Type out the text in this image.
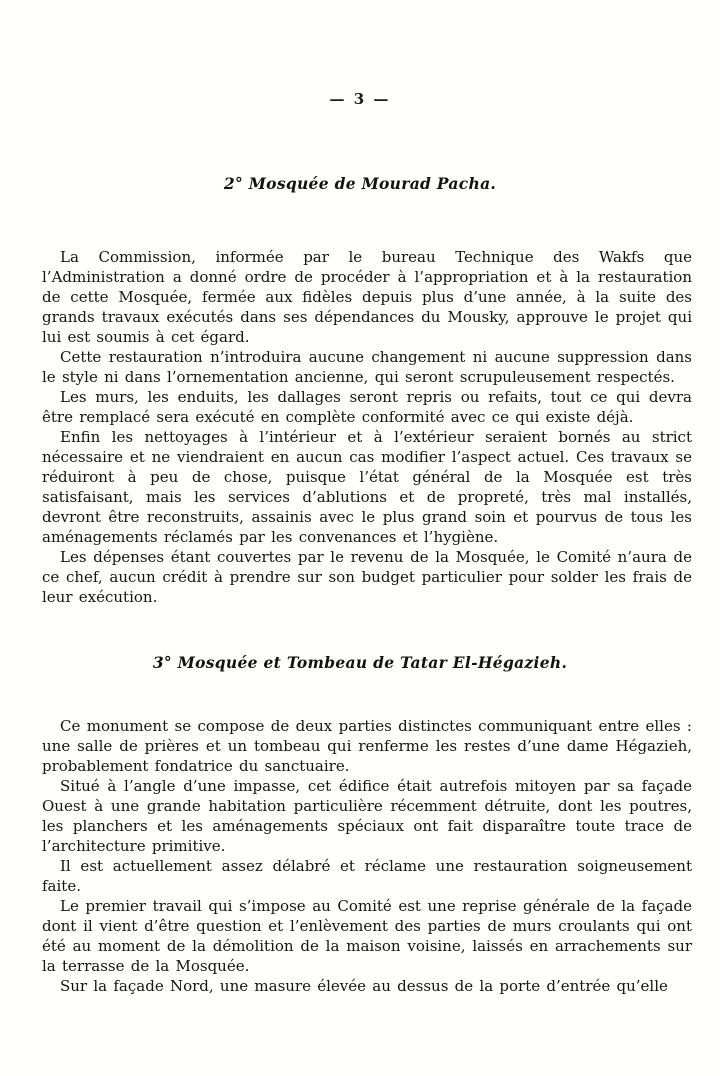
— 3 —
2° Mosquée de Mourad Pacha.

La Commission, informée par le bureau Technique des Wakfs que l’Administration a donné ordre de procéder à l’appropriation et à la restauration de cette Mosquée, fermée aux fidèles depuis plus d’une année, à la suite des grands travaux exécutés dans ses dépendances du Mousky, approuve le projet qui lui est soumis à cet égard.

Cette restauration n’introduira aucune changement ni aucune suppression dans le style ni dans l’ornementation ancienne, qui seront scrupuleusement respectés.

Les murs, les enduits, les dallages seront repris ou refaits, tout ce qui devra être remplacé sera exécuté en complète conformité avec ce qui existe déjà.

Enfin les nettoyages à l’intérieur et à l’extérieur seraient bornés au strict nécessaire et ne viendraient en aucun cas modifier l’aspect actuel. Ces travaux se réduiront à peu de chose, puisque l’état général de la Mosquée est très satisfaisant, mais les services d’ablutions et de propreté, très mal installés, devront être reconstruits, assainis avec le plus grand soin et pourvus de tous les aménagements réclamés par les convenances et l’hygiène.

Les dépenses étant couvertes par le revenu de la Mosquée, le Comité n’aura de ce chef, aucun crédit à prendre sur son budget particulier pour solder les frais de leur exécution.

3° Mosquée et Tombeau de Tatar El-Hégazieh.

Ce monument se compose de deux parties distinctes communiquant entre elles : une salle de prières et un tombeau qui renferme les restes d’une dame Hégazieh, probablement fondatrice du sanctuaire.

Situé à l’angle d’une impasse, cet édifice était autrefois mitoyen par sa façade Ouest à une grande habitation particulière récemment détruite, dont les poutres, les planchers et les aménagements spéciaux ont fait disparaître toute trace de l’architecture primitive.

Il est actuellement assez délabré et réclame une restauration soigneusement faite.

Le premier travail qui s’impose au Comité est une reprise générale de la façade dont il vient d’être question et l’enlèvement des parties de murs croulants qui ont été au moment de la démolition de la maison voisine, laissés en arrachements sur la terrasse de la Mosquée.

Sur la façade Nord, une masure élevée au dessus de la porte d’entrée qu’elle
